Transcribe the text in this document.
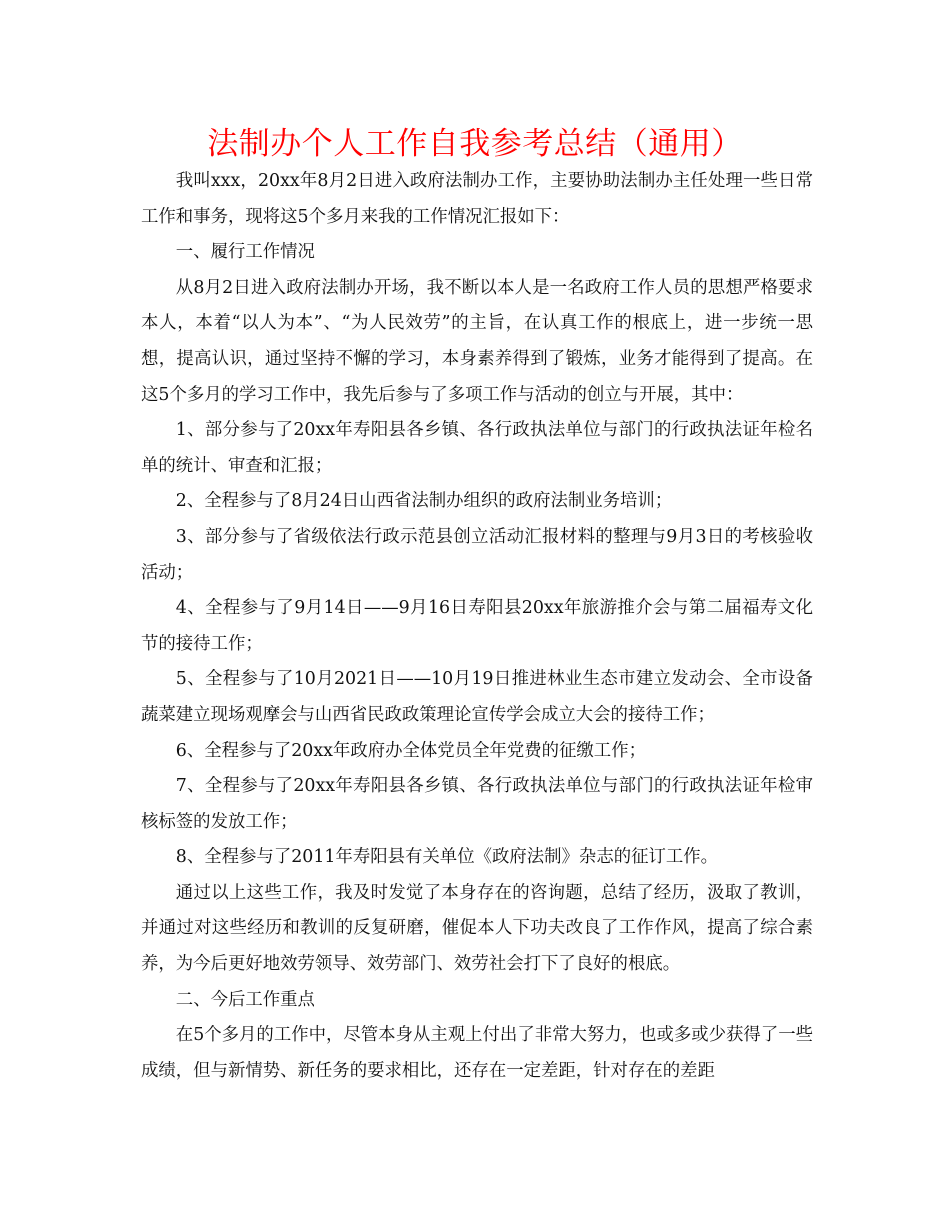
法制办个人工作自我参考总结（通用）

我叫xxx，20xx年8月2日进入政府法制办工作，主要协助法制办主任处理一些日常工作和事务，现将这5个多月来我的工作情况汇报如下：

一、履行工作情况

从8月2日进入政府法制办开场，我不断以本人是一名政府工作人员的思想严格要求本人，本着“以人为本”、“为人民效劳”的主旨，在认真工作的根底上，进一步统一思想，提高认识，通过坚持不懈的学习，本身素养得到了锻炼，业务才能得到了提高。在这5个多月的学习工作中，我先后参与了多项工作与活动的创立与开展，其中：

1、部分参与了20xx年寿阳县各乡镇、各行政执法单位与部门的行政执法证年检名单的统计、审查和汇报；

2、全程参与了8月24日山西省法制办组织的政府法制业务培训；

3、部分参与了省级依法行政示范县创立活动汇报材料的整理与9月3日的考核验收活动；

4、全程参与了9月14日——9月16日寿阳县20xx年旅游推介会与第二届福寿文化节的接待工作；

5、全程参与了10月2021日——10月19日推进林业生态市建立发动会、全市设备蔬菜建立现场观摩会与山西省民政政策理论宣传学会成立大会的接待工作；

6、全程参与了20xx年政府办全体党员全年党费的征缴工作；

7、全程参与了20xx年寿阳县各乡镇、各行政执法单位与部门的行政执法证年检审核标签的发放工作；

8、全程参与了2011年寿阳县有关单位《政府法制》杂志的征订工作。

通过以上这些工作，我及时发觉了本身存在的咨询题，总结了经历，汲取了教训，并通过对这些经历和教训的反复研磨，催促本人下功夫改良了工作作风，提高了综合素养，为今后更好地效劳领导、效劳部门、效劳社会打下了良好的根底。

二、今后工作重点

在5个多月的工作中，尽管本身从主观上付出了非常大努力，也或多或少获得了一些成绩，但与新情势、新任务的要求相比，还存在一定差距，针对存在的差距
